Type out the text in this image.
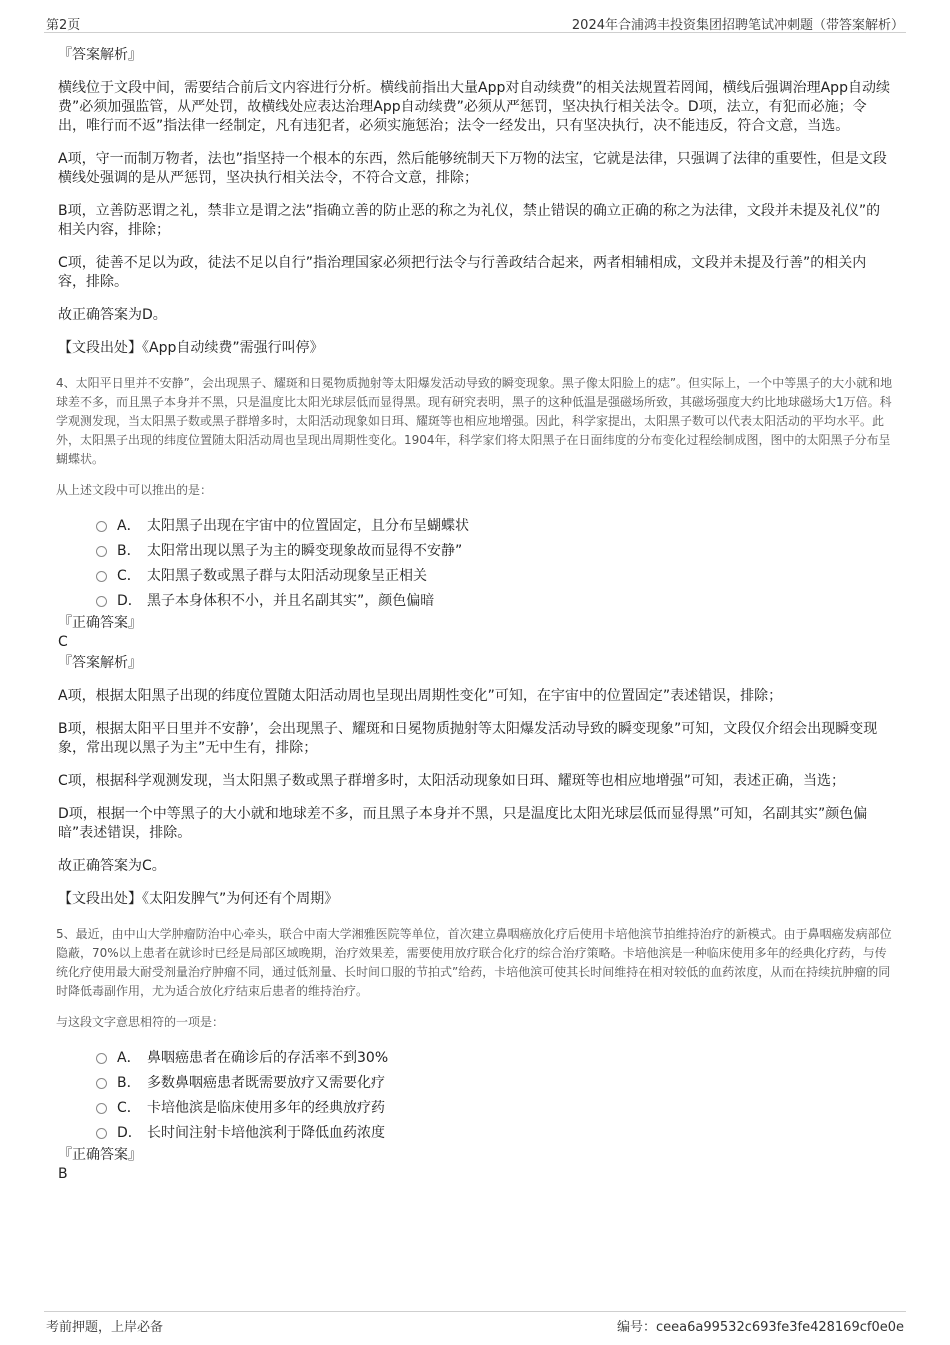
第2页	2024年合浦鸿丰投资集团招聘笔试冲刺题（带答案解析）
『答案解析』

横线位于文段中间，需要结合前后文内容进行分析。横线前指出大量App对‬自动续费”的相关法规置若罔闻，横线后强调治理App‬自动续费”必须加强监管，从严处罚，故横线处应表达治理App‬自动续费”必须从严惩罚，坚决执行相关法令。D项，‬法立，有犯而必施；令出，唯行而不返”指法律一经制定，凡有违犯者，必须实施惩治；法令一经发出，只有坚决执行，决不能违反，符合文意，当选。

A项，‬守一而制万物者，法也”指坚持一个根本的东西，然后能够统制天下万物的法宝，它就是法律，只强调了法律的重要性，但是文段横线处强调的是从严惩罚，坚决执行相关法令，不符合文意，排除；

B项，‬立善防恶谓之礼，禁非立是谓之法”指确立善的防止恶的称之为礼仪，禁止错误的确立正确的称之为法律，文段并未提及‬礼仪”的相关内容，排除；

C项，‬徒善不足以为政，徒法不足以自行”指治理国家必须把行法令与行善政结合起来，两者相辅相成，文段并未提及‬行善”的相关内容，排除。

故正确答案为D。

【文段出处】《App‬自动续费”需强行叫停》

4、太阳平日里并不‬安静”，会出现黑子、耀斑和日冕物质抛射等太阳爆发活动导致的瞬变现象。黑子像太阳‬脸上的痣”。但实际上，一个中等黑子的大小就和地球差不多，而且黑子本身并不黑，只是温度比太阳光球层低而显得黑。现有研究表明，黑子的这种低温是强磁场所致，其磁场强度大约比地球磁场大1万倍。科学观测发现，当太阳黑子数或黑子群增多时，太阳活动现象如日珥、耀斑等也相应地增强。因此，科学家提出，太阳黑子数可以代表太阳活动的平均水平。此外，太阳黑子出现的纬度位置随太阳活动周也呈现出周期性变化。1904年，科学家们将太阳黑子在日面纬度的分布变化过程绘制成图，图中的太阳黑子分布呈蝴蝶状。

从上述文段中可以推出的是：

A． 太阳黑子出现在宇宙中的位置固定，且分布呈蝴蝶状
B． 太阳常出现以黑子为主的瞬变现象故而显得不‬安静”
C． 太阳黑子数或黑子群与太阳活动现象呈正相关
D． 黑子本身体积不小，并且‬名副其实”，颜色偏暗
『正确答案』
C
『答案解析』

A项，根据‬太阳黑子出现的纬度位置随太阳活动周也呈现出周期性变化”可知，‬在宇宙中的位置固定”表述错误，排除；

B项，根据‬太阳平日里并不‬安静’，会出现黑子、耀斑和日冕物质抛射等太阳爆发活动导致的瞬变现象”可知，文段仅介绍会出现瞬变现象，‬常出现以黑子为主”无中生有，排除；

C项，根据‬科学观测发现，当太阳黑子数或黑子群增多时，太阳活动现象如日珥、耀斑等也相应地增强”可知，表述正确，当选；

D项，根据‬一个中等黑子的大小就和地球差不多，而且黑子本身并不黑，只是温度比太阳光球层低而显得黑”可知，‬名副其实”‬颜色偏暗”表述错误，排除。

故正确答案为C。

【文段出处】《太阳‬发脾气”为何还有个周期》

5、最近，由中山大学肿瘤防治中心牵头，联合中南大学湘雅医院等单位，首次建立鼻咽癌放化疗后使用卡培他滨节拍维持治疗的新模式。由于鼻咽癌发病部位隐蔽，70%以上患者在就诊时已经是局部区域晚期，治疗效果差，需要使用放疗联合化疗的综合治疗策略。卡培他滨是一种临床使用多年的经典化疗药，与传统化疗使用最大耐受剂量治疗肿瘤不同，通过低剂量、长时间口服的‬节拍式”给药，卡培他滨可使其长时间维持在相对较低的血药浓度，从而在持续抗肿瘤的同时降低毒副作用，尤为适合放化疗结束后患者的维持治疗。

与这段文字意思相符的一项是：

A． 鼻咽癌患者在确诊后的存活率不到30%
B． 多数鼻咽癌患者既需要放疗又需要化疗
C． 卡培他滨是临床使用多年的经典放疗药
D． 长时间注射卡培他滨利于降低血药浓度
『正确答案』
B
考前押题，上岸必备	编号：ceea6a99532c693fe3fe428169cf0e0e
